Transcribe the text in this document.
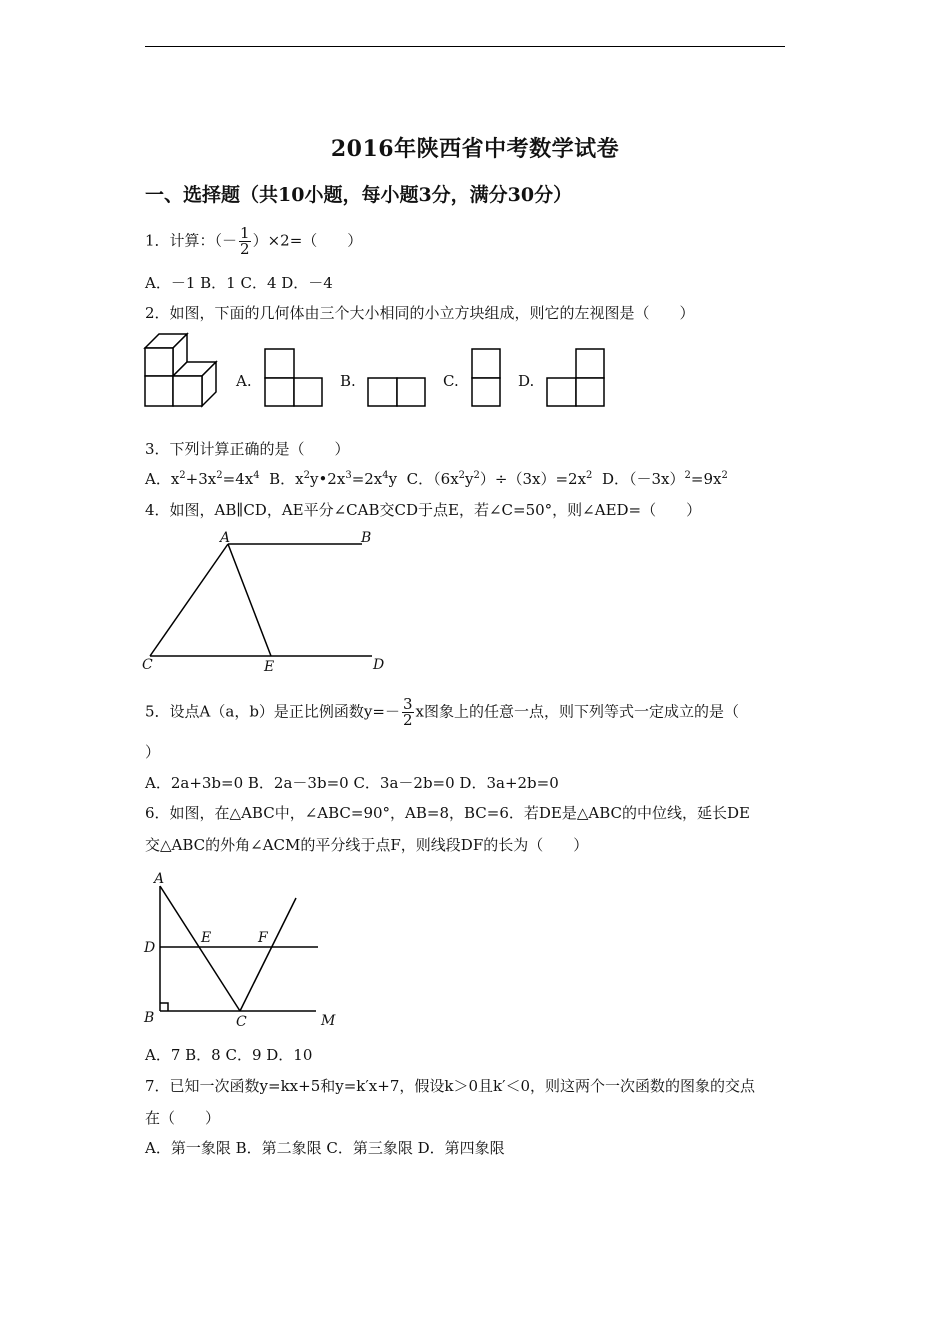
2016年陕西省中考数学试卷
一、选择题（共10小题，每小题3分，满分30分）
1．计算：（－ $\frac{1}{2} )\times 2=$（　　）
A．－1 B．1 C．4 D．－4
2．如图，下面的几何体由三个大小相同的小立方块组成，则它的左视图是（　　）
A.	B.	C.	D.
3．下列计算正确的是（　　）
A．$x^2+3x^2=4x^4$ B．$x^2y•2x^3=2x^4y$ C．$(6x^2y^2)\div(3x)=2x^2$ D．$(-3x)^2=9x^2$
4．如图，AB∥CD，AE平分∠CAB交CD于点E，若∠C=50°，则∠AED=（　　）
A	B
C	E	D
5．设点A（a，b）是正比例函数$y=- \frac{3}{2}$ x图象上的任意一点，则下列等式一定成立的是（
）
A．2a+3b=0 B．2a－3b=0 C．3a－2b=0 D．3a+2b=0
6．如图，在△ABC中，∠ABC=90°，AB=8，BC=6．若DE是△ABC的中位线，延长DE
交△ABC的外角∠ACM的平分线于点F，则线段DF的长为（　　）
A
D
E	F
B	C	M
A．7 B．8 C．9 D．10
7．已知一次函数y=kx+5和y=k′x+7，假设k＞0且k′＜0，则这两个一次函数的图象的交点
在（　　）
A．第一象限 B．第二象限 C．第三象限 D．第四象限
